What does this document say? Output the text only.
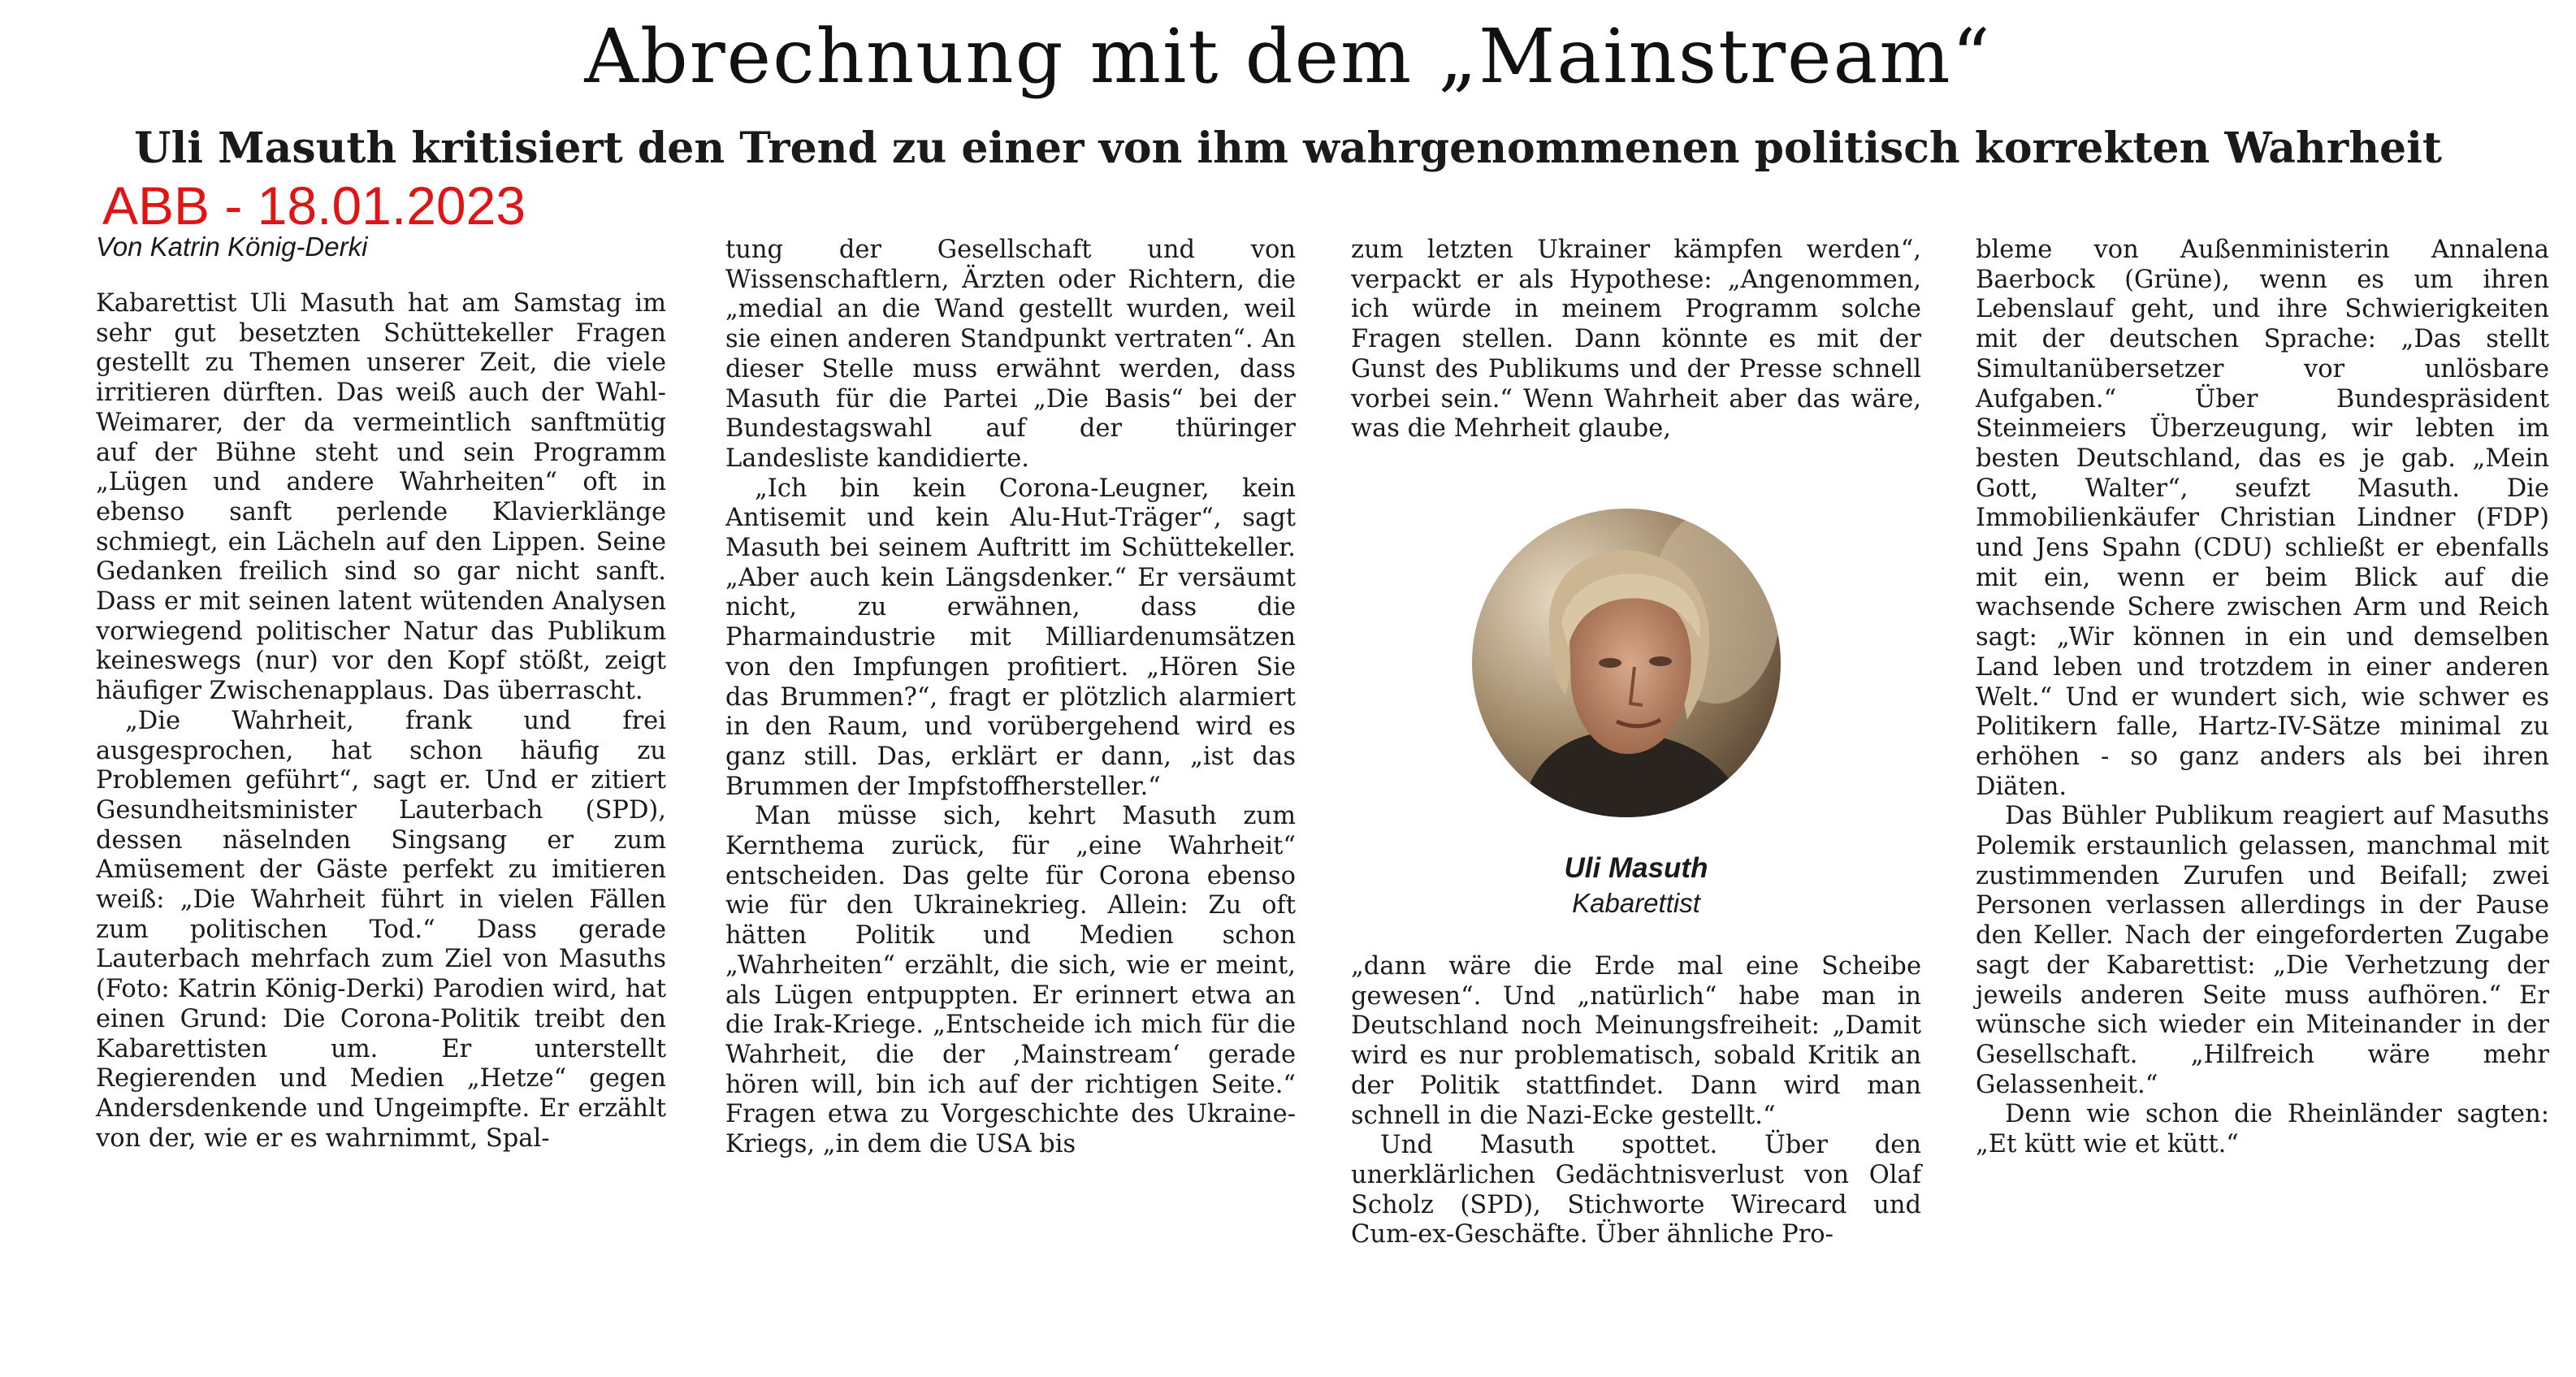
Abrechnung mit dem „Mainstream“
Uli Masuth kritisiert den Trend zu einer von ihm wahrgenommenen politisch korrekten Wahrheit
ABB - 18.01.2023
Von Katrin König-Derki

Kabarettist Uli Masuth hat am Samstag im sehr gut besetzten Schüttekeller Fragen gestellt zu Themen unserer Zeit, die viele irritieren dürften. Das weiß auch der Wahl-Weimarer, der da vermeintlich sanftmütig auf der Bühne steht und sein Programm „Lügen und andere Wahrheiten“ oft in ebenso sanft perlende Klavierklänge schmiegt, ein Lächeln auf den Lippen. Seine Gedanken freilich sind so gar nicht sanft. Dass er mit seinen latent wütenden Analysen vorwiegend politischer Natur das Publikum keineswegs (nur) vor den Kopf stößt, zeigt häufiger Zwischenapplaus. Das überrascht.

„Die Wahrheit, frank und frei ausgesprochen, hat schon häufig zu Problemen geführt“, sagt er. Und er zitiert Gesundheitsminister Lauterbach (SPD), dessen näselnden Singsang er zum Amüsement der Gäste perfekt zu imitieren weiß: „Die Wahrheit führt in vielen Fällen zum politischen Tod.“ Dass gerade Lauterbach mehrfach zum Ziel von Masuths (Foto: Katrin König-Derki) Parodien wird, hat einen Grund: Die Corona-Politik treibt den Kabarettisten um. Er unterstellt Regierenden und Medien „Hetze“ gegen Andersdenkende und Ungeimpfte. Er erzählt von der, wie er es wahrnimmt, Spal-

tung der Gesellschaft und von Wissenschaftlern, Ärzten oder Richtern, die „medial an die Wand gestellt wurden, weil sie einen anderen Standpunkt vertraten“. An dieser Stelle muss erwähnt werden, dass Masuth für die Partei „Die Basis“ bei der Bundestagswahl auf der thüringer Landesliste kandidierte.

„Ich bin kein Corona-Leugner, kein Antisemit und kein Alu-Hut-Träger“, sagt Masuth bei seinem Auftritt im Schüttekeller. „Aber auch kein Längsdenker.“ Er versäumt nicht, zu erwähnen, dass die Pharmaindustrie mit Milliardenumsätzen von den Impfungen profitiert. „Hören Sie das Brummen?“, fragt er plötzlich alarmiert in den Raum, und vorübergehend wird es ganz still. Das, erklärt er dann, „ist das Brummen der Impfstoffhersteller.“

Man müsse sich, kehrt Masuth zum Kernthema zurück, für „eine Wahrheit“ entscheiden. Das gelte für Corona ebenso wie für den Ukrainekrieg. Allein: Zu oft hätten Politik und Medien schon „Wahrheiten“ erzählt, die sich, wie er meint, als Lügen entpuppten. Er erinnert etwa an die Irak-Kriege. „Entscheide ich mich für die Wahrheit, die der ‚Mainstream‘ gerade hören will, bin ich auf der richtigen Seite.“ Fragen etwa zu Vorgeschichte des Ukraine-Kriegs, „in dem die USA bis

zum letzten Ukrainer kämpfen werden“, verpackt er als Hypothese: „Angenommen, ich würde in meinem Programm solche Fragen stellen. Dann könnte es mit der Gunst des Publikums und der Presse schnell vorbei sein.“ Wenn Wahrheit aber das wäre, was die Mehrheit glaube,

Uli Masuth
Kabarettist

„dann wäre die Erde mal eine Scheibe gewesen“. Und „natürlich“ habe man in Deutschland noch Meinungsfreiheit: „Damit wird es nur problematisch, sobald Kritik an der Politik stattfindet. Dann wird man schnell in die Nazi-Ecke gestellt.“

Und Masuth spottet. Über den unerklärlichen Gedächtnisverlust von Olaf Scholz (SPD), Stichworte Wirecard und Cum-ex-Geschäfte. Über ähnliche Pro-

bleme von Außenministerin Annalena Baerbock (Grüne), wenn es um ihren Lebenslauf geht, und ihre Schwierigkeiten mit der deutschen Sprache: „Das stellt Simultanübersetzer vor unlösbare Aufgaben.“ Über Bundespräsident Steinmeiers Überzeugung, wir lebten im besten Deutschland, das es je gab. „Mein Gott, Walter“, seufzt Masuth. Die Immobilienkäufer Christian Lindner (FDP) und Jens Spahn (CDU) schließt er ebenfalls mit ein, wenn er beim Blick auf die wachsende Schere zwischen Arm und Reich sagt: „Wir können in ein und demselben Land leben und trotzdem in einer anderen Welt.“ Und er wundert sich, wie schwer es Politikern falle, Hartz-IV-Sätze minimal zu erhöhen - so ganz anders als bei ihren Diäten.

Das Bühler Publikum reagiert auf Masuths Polemik erstaunlich gelassen, manchmal mit zustimmenden Zurufen und Beifall; zwei Personen verlassen allerdings in der Pause den Keller. Nach der eingeforderten Zugabe sagt der Kabarettist: „Die Verhetzung der jeweils anderen Seite muss aufhören.“ Er wünsche sich wieder ein Miteinander in der Gesellschaft. „Hilfreich wäre mehr Gelassenheit.“

Denn wie schon die Rheinländer sagten: „Et kütt wie et kütt.“
